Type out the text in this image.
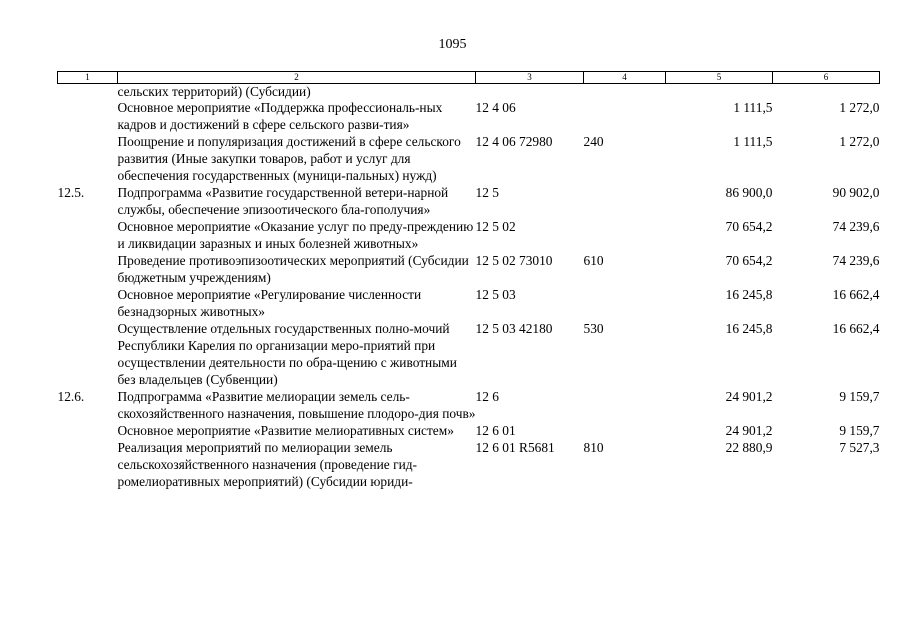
1095
1	2	3	4	5	6
	сельских территорий) (Субсидии)				
	Основное мероприятие «Поддержка профессиональ-ных кадров и достижений в сфере сельского разви-тия»	12 4 06		1 111,5	1 272,0
	Поощрение и популяризация достижений в сфере сельского развития (Иные закупки товаров, работ и услуг для обеспечения государственных (муници-пальных) нужд)	12 4 06 72980	240	1 111,5	1 272,0
12.5.	Подпрограмма «Развитие государственной ветери-нарной службы, обеспечение эпизоотического бла-гополучия»	12 5		86 900,0	90 902,0
	Основное мероприятие «Оказание услуг по преду-преждению и ликвидации заразных и иных болезней животных»	12 5 02		70 654,2	74 239,6
	Проведение противоэпизоотических мероприятий (Субсидии бюджетным учреждениям)	12 5 02 73010	610	70 654,2	74 239,6
	Основное мероприятие «Регулирование численности безнадзорных животных»	12 5 03		16 245,8	16 662,4
	Осуществление отдельных государственных полно-мочий Республики Карелия по организации меро-приятий при осуществлении деятельности по обра-щению с животными без владельцев (Субвенции)	12 5 03 42180	530	16 245,8	16 662,4
12.6.	Подпрограмма «Развитие мелиорации земель сель-скохозяйственного назначения, повышение плодоро-дия почв»	12 6		24 901,2	9 159,7
	Основное мероприятие «Развитие мелиоративных систем»	12 6 01		24 901,2	9 159,7
	Реализация мероприятий по мелиорации земель сельскохозяйственного назначения (проведение гид-ромелиоративных мероприятий) (Субсидии юриди-	12 6 01 R5681	810	22 880,9	7 527,3
